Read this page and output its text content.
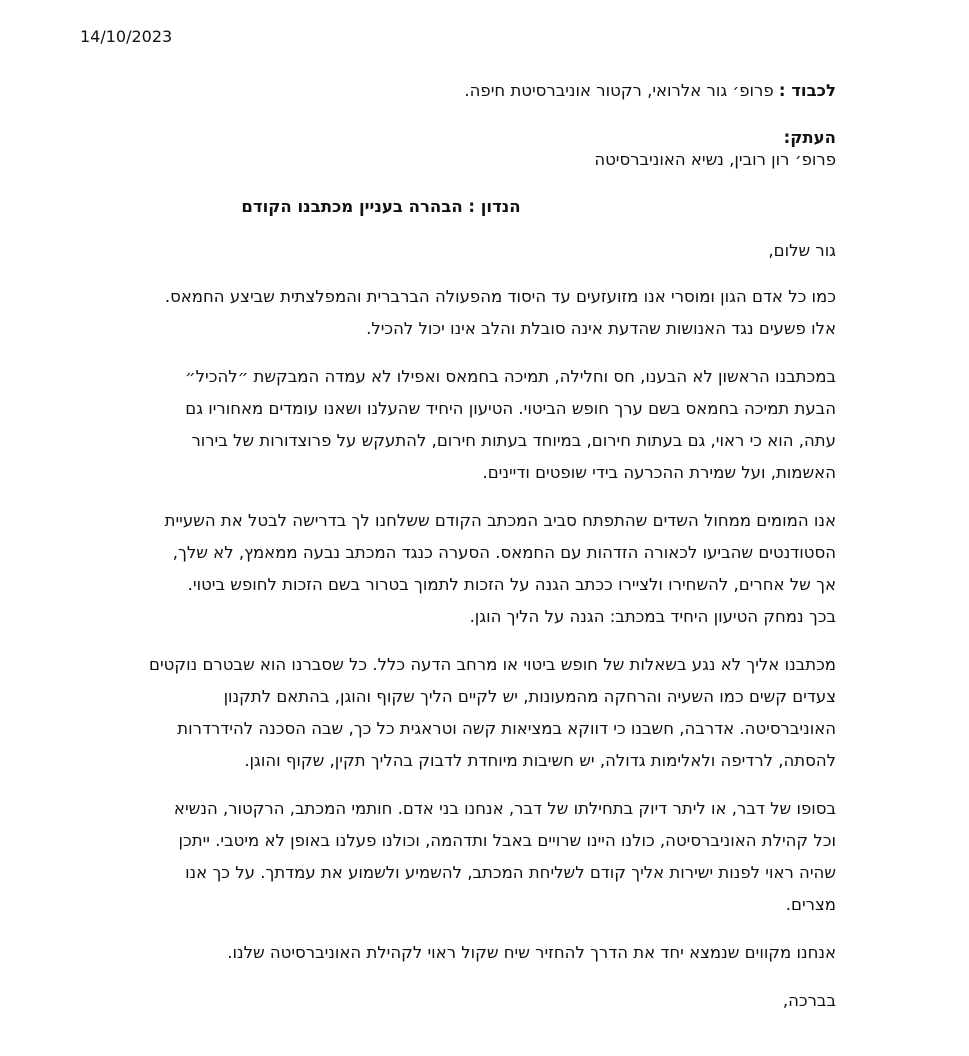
14/10/2023
לכבוד : פרופ׳ גור אלרואי, רקטור אוניברסיטת חיפה.
העתק:
פרופ׳ רון רובין, נשיא האוניברסיטה
הנדון : הבהרה בעניין מכתבנו הקודם
גור שלום,
כמו כל אדם הגון ומוסרי אנו מזועזעים עד היסוד מהפעולה הברברית והמפלצתית שביצע החמאס.
אלו פשעים נגד האנושות שהדעת אינה סובלת והלב אינו יכול להכיל.
במכתבנו הראשון לא הבענו, חס וחלילה, תמיכה בחמאס ואפילו לא עמדה המבקשת ״להכיל״
הבעת תמיכה בחמאס בשם ערך חופש הביטוי. הטיעון היחיד שהעלנו ושאנו עומדים מאחוריו גם
עתה, הוא כי ראוי, גם בעתות חירום, במיוחד בעתות חירום, להתעקש על פרוצדורות של בירור
האשמות, ועל שמירת ההכרעה בידי שופטים ודיינים.
אנו המומים ממחול השדים שהתפתח סביב המכתב הקודם ששלחנו לך בדרישה לבטל את השעיית
הסטודנטים שהביעו לכאורה הזדהות עם החמאס. הסערה כנגד המכתב נבעה ממאמץ, לא שלך,
אך של אחרים, להשחירו ולציירו ככתב הגנה על הזכות לתמוך בטרור בשם הזכות לחופש ביטוי.
בכך נמחק הטיעון היחיד במכתב: הגנה על הליך הוגן.
מכתבנו אליך לא נגע בשאלות של חופש ביטוי או מרחב הדעה כלל. כל שסברנו הוא שבטרם נוקטים
צעדים קשים כמו השעיה והרחקה מהמעונות, יש לקיים הליך שקוף והוגן, בהתאם לתקנון
האוניברסיטה. אדרבה, חשבנו כי דווקא במציאות קשה וטראגית כל כך, שבה הסכנה להידרדרות
להסתה, לרדיפה ולאלימות גדולה, יש חשיבות מיוחדת לדבוק בהליך תקין, שקוף והוגן.
בסופו של דבר, או ליתר דיוק בתחילתו של דבר, אנחנו בני אדם. חותמי המכתב, הרקטור, הנשיא
וכל קהילת האוניברסיטה, כולנו היינו שרויים באבל ותדהמה, וכולנו פעלנו באופן לא מיטבי. ייתכן
שהיה ראוי לפנות ישירות אליך קודם לשליחת המכתב, להשמיע ולשמוע את עמדתך. על כך אנו
מצרים.
אנחנו מקווים שנמצא יחד את הדרך להחזיר שיח שקול ראוי לקהילת האוניברסיטה שלנו.
בברכה,
